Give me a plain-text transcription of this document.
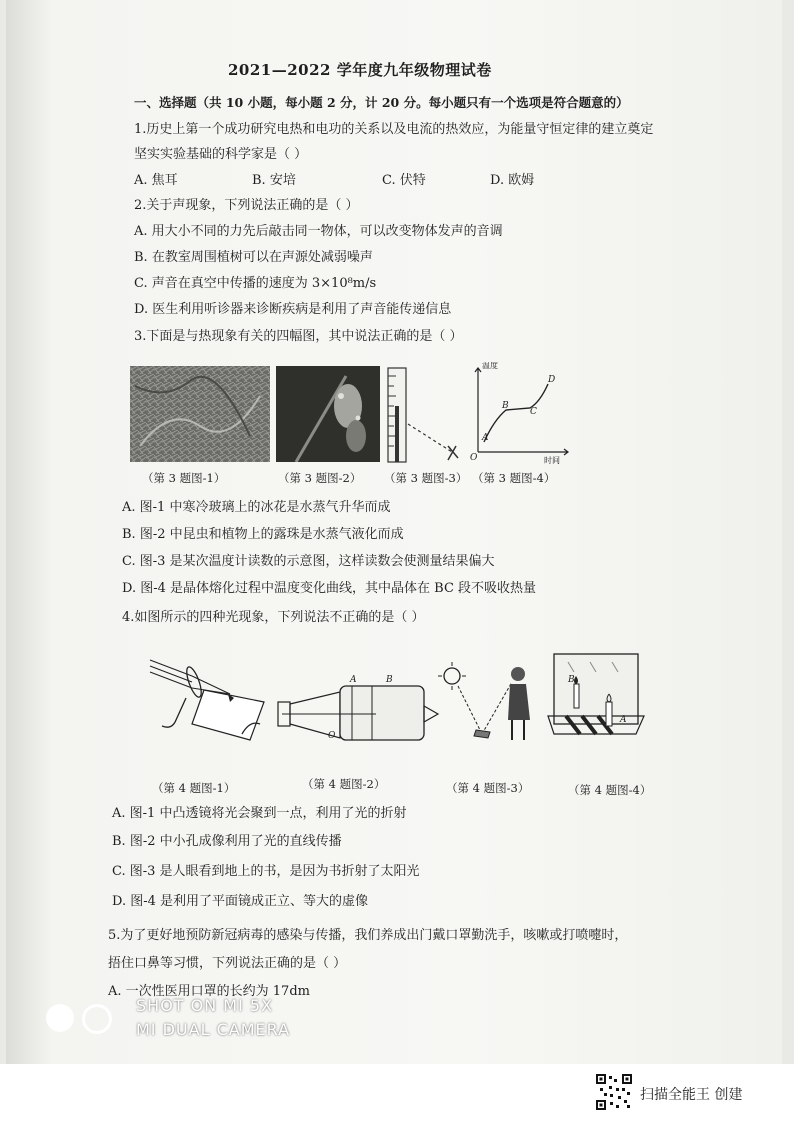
2021—2022 学年度九年级物理试卷
一、选择题（共 10 小题，每小题 2 分，计 20 分。每小题只有一个选项是符合题意的）
1.历史上第一个成功研究电热和电功的关系以及电流的热效应，为能量守恒定律的建立奠定
坚实实验基础的科学家是（ ）
A. 焦耳	B. 安培	C. 伏特	D. 欧姆
2.关于声现象，下列说法正确的是（ ）
A. 用大小不同的力先后敲击同一物体，可以改变物体发声的音调
B. 在教室周围植树可以在声源处减弱噪声
C. 声音在真空中传播的速度为 3×10⁸m/s
D. 医生利用听诊器来诊断疾病是利用了声音能传递信息
3.下面是与热现象有关的四幅图，其中说法正确的是（ ）
（第 3 题图-1）	（第 3 题图-2） （第 3 题图-3）
温度
时间
O
A
B
C
D
（第 3 题图-4）
A. 图-1 中寒冷玻璃上的冰花是水蒸气升华而成
B. 图-2 中昆虫和植物上的露珠是水蒸气液化而成
C. 图-3 是某次温度计读数的示意图，这样读数会使测量结果偏大
D. 图-4 是晶体熔化过程中温度变化曲线，其中晶体在 BC 段不吸收热量
4.如图所示的四种光现象，下列说法不正确的是（ ）
（第 4 题图-1）
A	B
O
（第 4 题图-2）	（第 4 题图-3）
B
A
（第 4 题图-4）
A. 图-1 中凸透镜将光会聚到一点，利用了光的折射
B. 图-2 中小孔成像利用了光的直线传播
C. 图-3 是人眼看到地上的书，是因为书折射了太阳光
D. 图-4 是利用了平面镜成正立、等大的虚像
5.为了更好地预防新冠病毒的感染与传播，我们养成出门戴口罩勤洗手，咳嗽或打喷嚏时，
捂住口鼻等习惯，下列说法正确的是（ ）
A. 一次性医用口罩的长约为 17dm
SHOT ON MI 5X
MI DUAL CAMERA
扫描全能王 创建
